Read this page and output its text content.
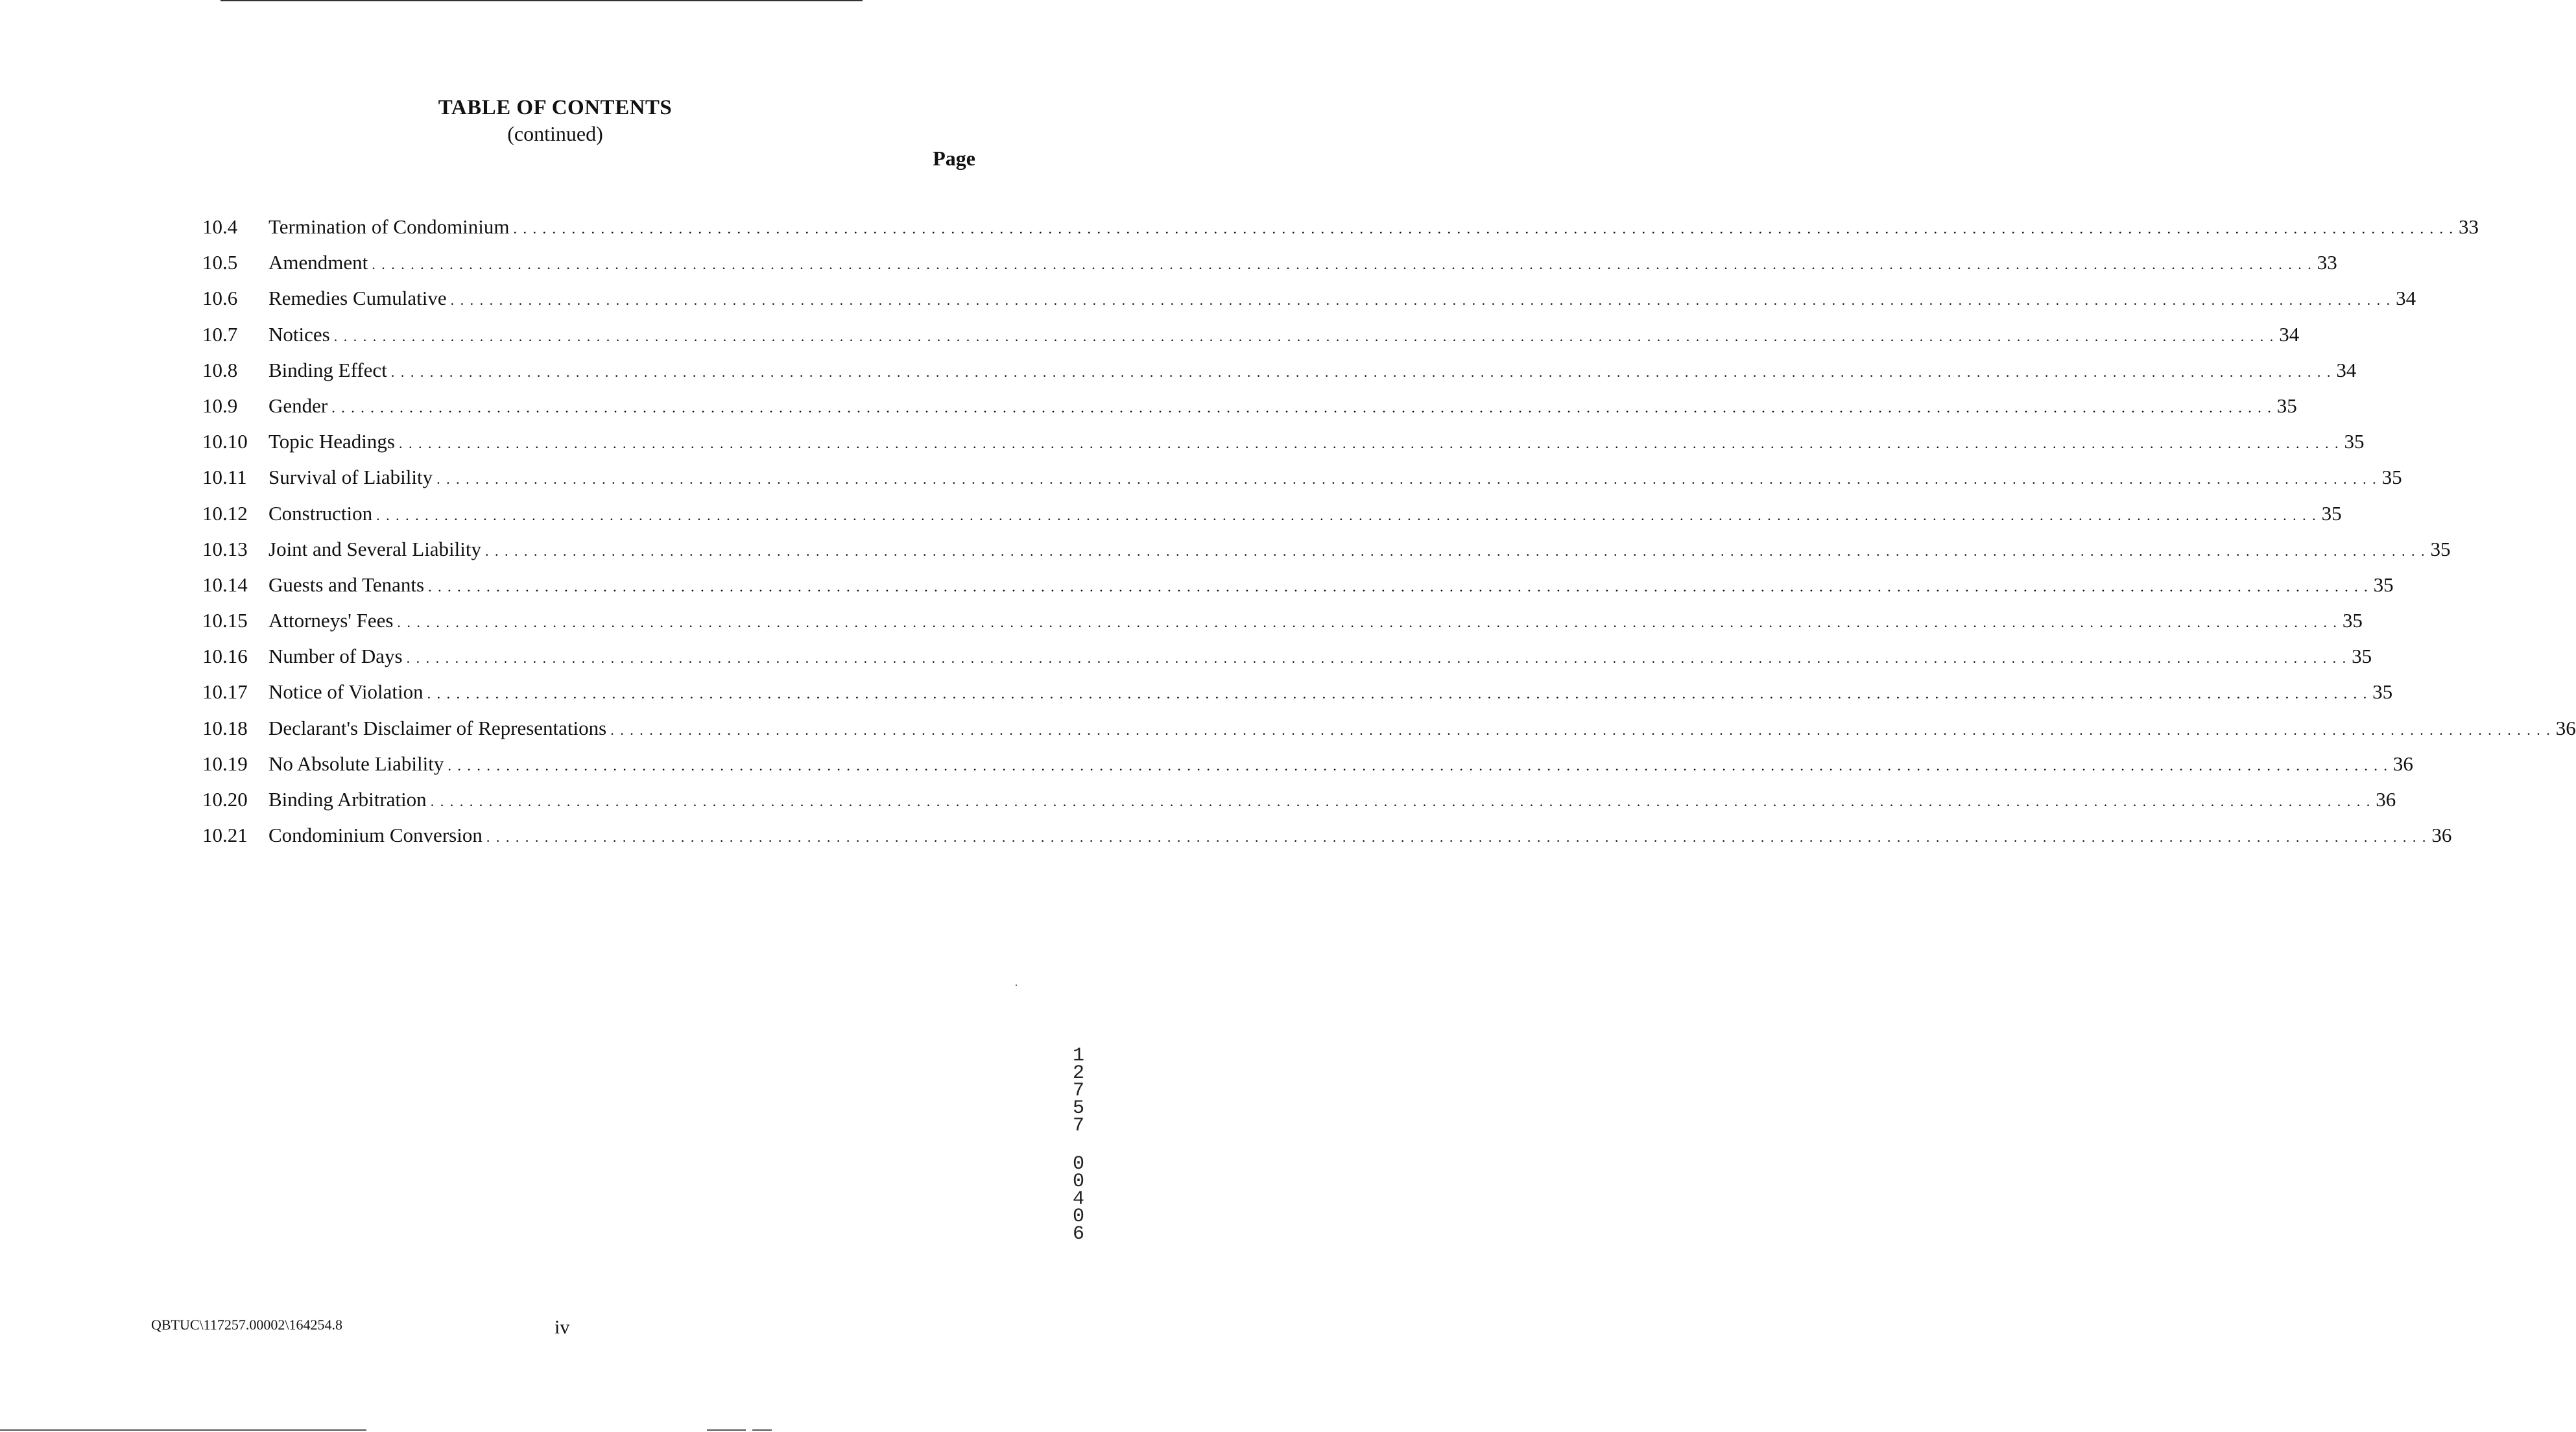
TABLE OF CONTENTS
(continued)
Page
10.4	Termination of Condominium . . . . . . . . . . . . . . . . . . . . . . . . . . . . . . . . . . . . . . . . . . . . . . . . . . . . . . . . . . . . . . . . . . . . . . . . . . . . . . . . . . . . . . . . . . . . . . . . . . . . . . . . . . . . . . . . . . . . . . . . . . . . . . . . . . . . . . . . . . . . . . . . . . . . . . . . . . . . . . . . . . . . . . . . . . . . . . . . . . . . . . . . . . . . . . . . . . . . . . . . 33
10.5	Amendment . . . . . . . . . . . . . . . . . . . . . . . . . . . . . . . . . . . . . . . . . . . . . . . . . . . . . . . . . . . . . . . . . . . . . . . . . . . . . . . . . . . . . . . . . . . . . . . . . . . . . . . . . . . . . . . . . . . . . . . . . . . . . . . . . . . . . . . . . . . . . . . . . . . . . . . . . . . . . . . . . . . . . . . . . . . . . . . . . . . . . . . . . . . . . . . . . . . . . . . . 33
10.6	Remedies Cumulative . . . . . . . . . . . . . . . . . . . . . . . . . . . . . . . . . . . . . . . . . . . . . . . . . . . . . . . . . . . . . . . . . . . . . . . . . . . . . . . . . . . . . . . . . . . . . . . . . . . . . . . . . . . . . . . . . . . . . . . . . . . . . . . . . . . . . . . . . . . . . . . . . . . . . . . . . . . . . . . . . . . . . . . . . . . . . . . . . . . . . . . . . . . . . . . . . . . . . . . . 34
10.7	Notices . . . . . . . . . . . . . . . . . . . . . . . . . . . . . . . . . . . . . . . . . . . . . . . . . . . . . . . . . . . . . . . . . . . . . . . . . . . . . . . . . . . . . . . . . . . . . . . . . . . . . . . . . . . . . . . . . . . . . . . . . . . . . . . . . . . . . . . . . . . . . . . . . . . . . . . . . . . . . . . . . . . . . . . . . . . . . . . . . . . . . . . . . . . . . . . . . . . . . . . . 34
10.8	Binding Effect . . . . . . . . . . . . . . . . . . . . . . . . . . . . . . . . . . . . . . . . . . . . . . . . . . . . . . . . . . . . . . . . . . . . . . . . . . . . . . . . . . . . . . . . . . . . . . . . . . . . . . . . . . . . . . . . . . . . . . . . . . . . . . . . . . . . . . . . . . . . . . . . . . . . . . . . . . . . . . . . . . . . . . . . . . . . . . . . . . . . . . . . . . . . . . . . . . . . . . . . 34
10.9	Gender . . . . . . . . . . . . . . . . . . . . . . . . . . . . . . . . . . . . . . . . . . . . . . . . . . . . . . . . . . . . . . . . . . . . . . . . . . . . . . . . . . . . . . . . . . . . . . . . . . . . . . . . . . . . . . . . . . . . . . . . . . . . . . . . . . . . . . . . . . . . . . . . . . . . . . . . . . . . . . . . . . . . . . . . . . . . . . . . . . . . . . . . . . . . . . . . . . . . . . . . 35
10.10	Topic Headings . . . . . . . . . . . . . . . . . . . . . . . . . . . . . . . . . . . . . . . . . . . . . . . . . . . . . . . . . . . . . . . . . . . . . . . . . . . . . . . . . . . . . . . . . . . . . . . . . . . . . . . . . . . . . . . . . . . . . . . . . . . . . . . . . . . . . . . . . . . . . . . . . . . . . . . . . . . . . . . . . . . . . . . . . . . . . . . . . . . . . . . . . . . . . . . . . . . . . . . . 35
10.11	Survival of Liability . . . . . . . . . . . . . . . . . . . . . . . . . . . . . . . . . . . . . . . . . . . . . . . . . . . . . . . . . . . . . . . . . . . . . . . . . . . . . . . . . . . . . . . . . . . . . . . . . . . . . . . . . . . . . . . . . . . . . . . . . . . . . . . . . . . . . . . . . . . . . . . . . . . . . . . . . . . . . . . . . . . . . . . . . . . . . . . . . . . . . . . . . . . . . . . . . . . . . . . . 35
10.12	Construction . . . . . . . . . . . . . . . . . . . . . . . . . . . . . . . . . . . . . . . . . . . . . . . . . . . . . . . . . . . . . . . . . . . . . . . . . . . . . . . . . . . . . . . . . . . . . . . . . . . . . . . . . . . . . . . . . . . . . . . . . . . . . . . . . . . . . . . . . . . . . . . . . . . . . . . . . . . . . . . . . . . . . . . . . . . . . . . . . . . . . . . . . . . . . . . . . . . . . . . . 35
10.13	Joint and Several Liability . . . . . . . . . . . . . . . . . . . . . . . . . . . . . . . . . . . . . . . . . . . . . . . . . . . . . . . . . . . . . . . . . . . . . . . . . . . . . . . . . . . . . . . . . . . . . . . . . . . . . . . . . . . . . . . . . . . . . . . . . . . . . . . . . . . . . . . . . . . . . . . . . . . . . . . . . . . . . . . . . . . . . . . . . . . . . . . . . . . . . . . . . . . . . . . . . . . . . . . . 35
10.14	Guests and Tenants . . . . . . . . . . . . . . . . . . . . . . . . . . . . . . . . . . . . . . . . . . . . . . . . . . . . . . . . . . . . . . . . . . . . . . . . . . . . . . . . . . . . . . . . . . . . . . . . . . . . . . . . . . . . . . . . . . . . . . . . . . . . . . . . . . . . . . . . . . . . . . . . . . . . . . . . . . . . . . . . . . . . . . . . . . . . . . . . . . . . . . . . . . . . . . . . . . . . . . . . 35
10.15	Attorneys' Fees . . . . . . . . . . . . . . . . . . . . . . . . . . . . . . . . . . . . . . . . . . . . . . . . . . . . . . . . . . . . . . . . . . . . . . . . . . . . . . . . . . . . . . . . . . . . . . . . . . . . . . . . . . . . . . . . . . . . . . . . . . . . . . . . . . . . . . . . . . . . . . . . . . . . . . . . . . . . . . . . . . . . . . . . . . . . . . . . . . . . . . . . . . . . . . . . . . . . . . . . 35
10.16	Number of Days . . . . . . . . . . . . . . . . . . . . . . . . . . . . . . . . . . . . . . . . . . . . . . . . . . . . . . . . . . . . . . . . . . . . . . . . . . . . . . . . . . . . . . . . . . . . . . . . . . . . . . . . . . . . . . . . . . . . . . . . . . . . . . . . . . . . . . . . . . . . . . . . . . . . . . . . . . . . . . . . . . . . . . . . . . . . . . . . . . . . . . . . . . . . . . . . . . . . . . . . 35
10.17	Notice of Violation . . . . . . . . . . . . . . . . . . . . . . . . . . . . . . . . . . . . . . . . . . . . . . . . . . . . . . . . . . . . . . . . . . . . . . . . . . . . . . . . . . . . . . . . . . . . . . . . . . . . . . . . . . . . . . . . . . . . . . . . . . . . . . . . . . . . . . . . . . . . . . . . . . . . . . . . . . . . . . . . . . . . . . . . . . . . . . . . . . . . . . . . . . . . . . . . . . . . . . . . 35
10.18	Declarant's Disclaimer of Representations . . . . . . . . . . . . . . . . . . . . . . . . . . . . . . . . . . . . . . . . . . . . . . . . . . . . . . . . . . . . . . . . . . . . . . . . . . . . . . . . . . . . . . . . . . . . . . . . . . . . . . . . . . . . . . . . . . . . . . . . . . . . . . . . . . . . . . . . . . . . . . . . . . . . . . . . . . . . . . . . . . . . . . . . . . . . . . . . . . . . . . . . . . . . . . . . . . . . . . . . 36
10.19	No Absolute Liability . . . . . . . . . . . . . . . . . . . . . . . . . . . . . . . . . . . . . . . . . . . . . . . . . . . . . . . . . . . . . . . . . . . . . . . . . . . . . . . . . . . . . . . . . . . . . . . . . . . . . . . . . . . . . . . . . . . . . . . . . . . . . . . . . . . . . . . . . . . . . . . . . . . . . . . . . . . . . . . . . . . . . . . . . . . . . . . . . . . . . . . . . . . . . . . . . . . . . . . . 36
10.20	Binding Arbitration . . . . . . . . . . . . . . . . . . . . . . . . . . . . . . . . . . . . . . . . . . . . . . . . . . . . . . . . . . . . . . . . . . . . . . . . . . . . . . . . . . . . . . . . . . . . . . . . . . . . . . . . . . . . . . . . . . . . . . . . . . . . . . . . . . . . . . . . . . . . . . . . . . . . . . . . . . . . . . . . . . . . . . . . . . . . . . . . . . . . . . . . . . . . . . . . . . . . . . . . 36
10.21	Condominium Conversion . . . . . . . . . . . . . . . . . . . . . . . . . . . . . . . . . . . . . . . . . . . . . . . . . . . . . . . . . . . . . . . . . . . . . . . . . . . . . . . . . . . . . . . . . . . . . . . . . . . . . . . . . . . . . . . . . . . . . . . . . . . . . . . . . . . . . . . . . . . . . . . . . . . . . . . . . . . . . . . . . . . . . . . . . . . . . . . . . . . . . . . . . . . . . . . . . . . . . . . . 36
QBTUC\117257.00002\164254.8	iv
1
2
7
5
7
0
0
4
0
6
